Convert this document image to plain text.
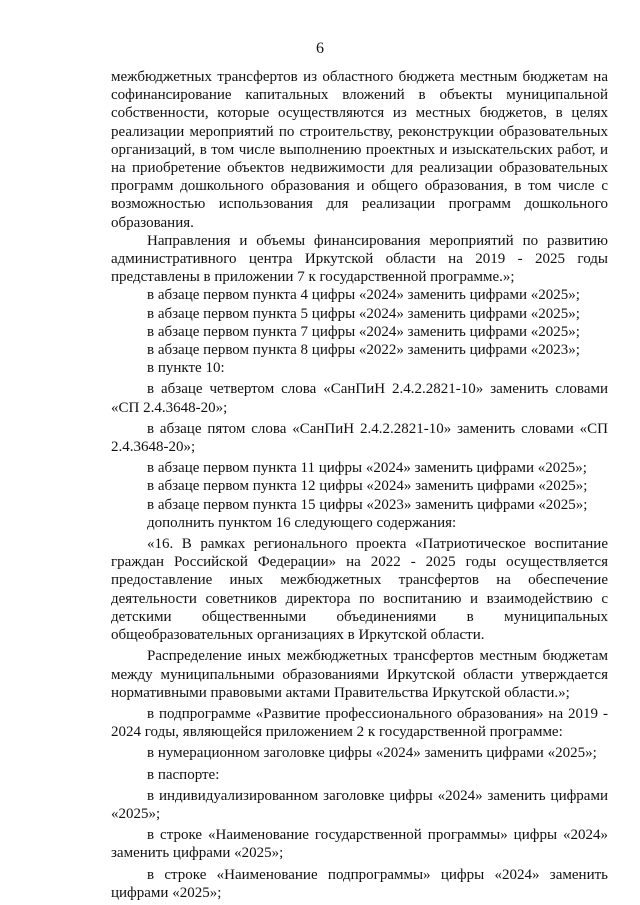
6

межбюджетных трансфертов из областного бюджета местным бюджетам на софинансирование капитальных вложений в объекты муниципальной собственности, которые осуществляются из местных бюджетов, в целях реализации мероприятий по строительству, реконструкции образовательных организаций, в том числе выполнению проектных и изыскательских работ, и на приобретение объектов недвижимости для реализации образовательных программ дошкольного образования и общего образования, в том числе с возможностью использования для реализации программ дошкольного образования.

Направления и объемы финансирования мероприятий по развитию административного центра Иркутской области на 2019 - 2025 годы представлены в приложении 7 к государственной программе.»;

в абзаце первом пункта 4 цифры «2024» заменить цифрами «2025»;

в абзаце первом пункта 5 цифры «2024» заменить цифрами «2025»;

в абзаце первом пункта 7 цифры «2024» заменить цифрами «2025»;

в абзаце первом пункта 8 цифры «2022» заменить цифрами «2023»;

в пункте 10:

в абзаце четвертом слова «СанПиН 2.4.2.2821-10» заменить словами «СП 2.4.3648-20»;

в абзаце пятом слова «СанПиН 2.4.2.2821-10» заменить словами «СП 2.4.3648-20»;

в абзаце первом пункта 11 цифры «2024» заменить цифрами «2025»;

в абзаце первом пункта 12 цифры «2024» заменить цифрами «2025»;

в абзаце первом пункта 15 цифры «2023» заменить цифрами «2025»;

дополнить пунктом 16 следующего содержания:

«16. В рамках регионального проекта «Патриотическое воспитание граждан Российской Федерации» на 2022 - 2025 годы осуществляется предоставление иных межбюджетных трансфертов на обеспечение деятельности советников директора по воспитанию и взаимодействию с детскими общественными объединениями в муниципальных общеобразовательных организациях в Иркутской области.

Распределение иных межбюджетных трансфертов местным бюджетам между муниципальными образованиями Иркутской области утверждается нормативными правовыми актами Правительства Иркутской области.»;

в подпрограмме «Развитие профессионального образования» на 2019 - 2024 годы, являющейся приложением 2 к государственной программе:

в нумерационном заголовке цифры «2024» заменить цифрами «2025»;

в паспорте:

в индивидуализированном заголовке цифры «2024» заменить цифрами «2025»;

в строке «Наименование государственной программы» цифры «2024» заменить цифрами «2025»;

в строке «Наименование подпрограммы» цифры «2024» заменить цифрами «2025»;
